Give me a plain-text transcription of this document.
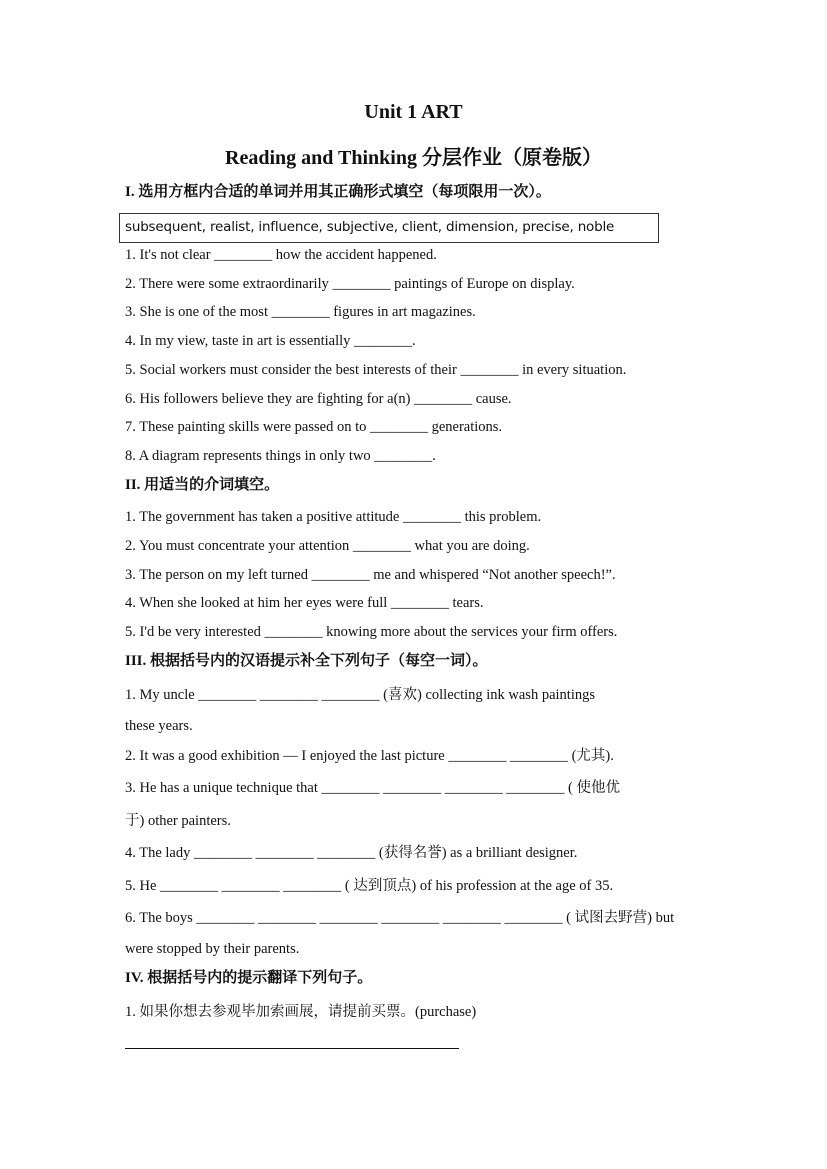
Unit 1 ART
Reading and Thinking 分层作业（原卷版）
I. 选用方框内合适的单词并用其正确形式填空（每项限用一次）。
subsequent, realist, influence, subjective, client, dimension, precise, noble
1. It's not clear ________ how the accident happened.
2. There were some extraordinarily ________ paintings of Europe on display.
3. She is one of the most ________ figures in art magazines.
4. In my view, taste in art is essentially ________.
5. Social workers must consider the best interests of their ________ in every situation.
6. His followers believe they are fighting for a(n) ________ cause.
7. These painting skills were passed on to ________ generations.
8. A diagram represents things in only two ________.
II. 用适当的介词填空。
1. The government has taken a positive attitude ________ this problem.
2. You must concentrate your attention ________ what you are doing.
3. The person on my left turned ________ me and whispered “Not another speech!”.
4. When she looked at him her eyes were full ________ tears.
5. I'd be very interested ________ knowing more about the services your firm offers.
III. 根据括号内的汉语提示补全下列句子（每空一词）。
1. My uncle ________ ________ ________ (喜欢) collecting ink wash paintings
these years.
2. It was a good exhibition — I enjoyed the last picture ________ ________ (尤其).
3. He has a unique technique that ________ ________ ________ ________ ( 使他优
于) other painters.
4. The lady ________ ________ ________ (获得名誉) as a brilliant designer.
5. He ________ ________ ________ ( 达到顶点) of his profession at the age of 35.
6. The boys ________ ________ ________ ________ ________ ________ ( 试图去野营) but
were stopped by their parents.
IV. 根据括号内的提示翻译下列句子。
1. 如果你想去参观毕加索画展，请提前买票。(purchase)
